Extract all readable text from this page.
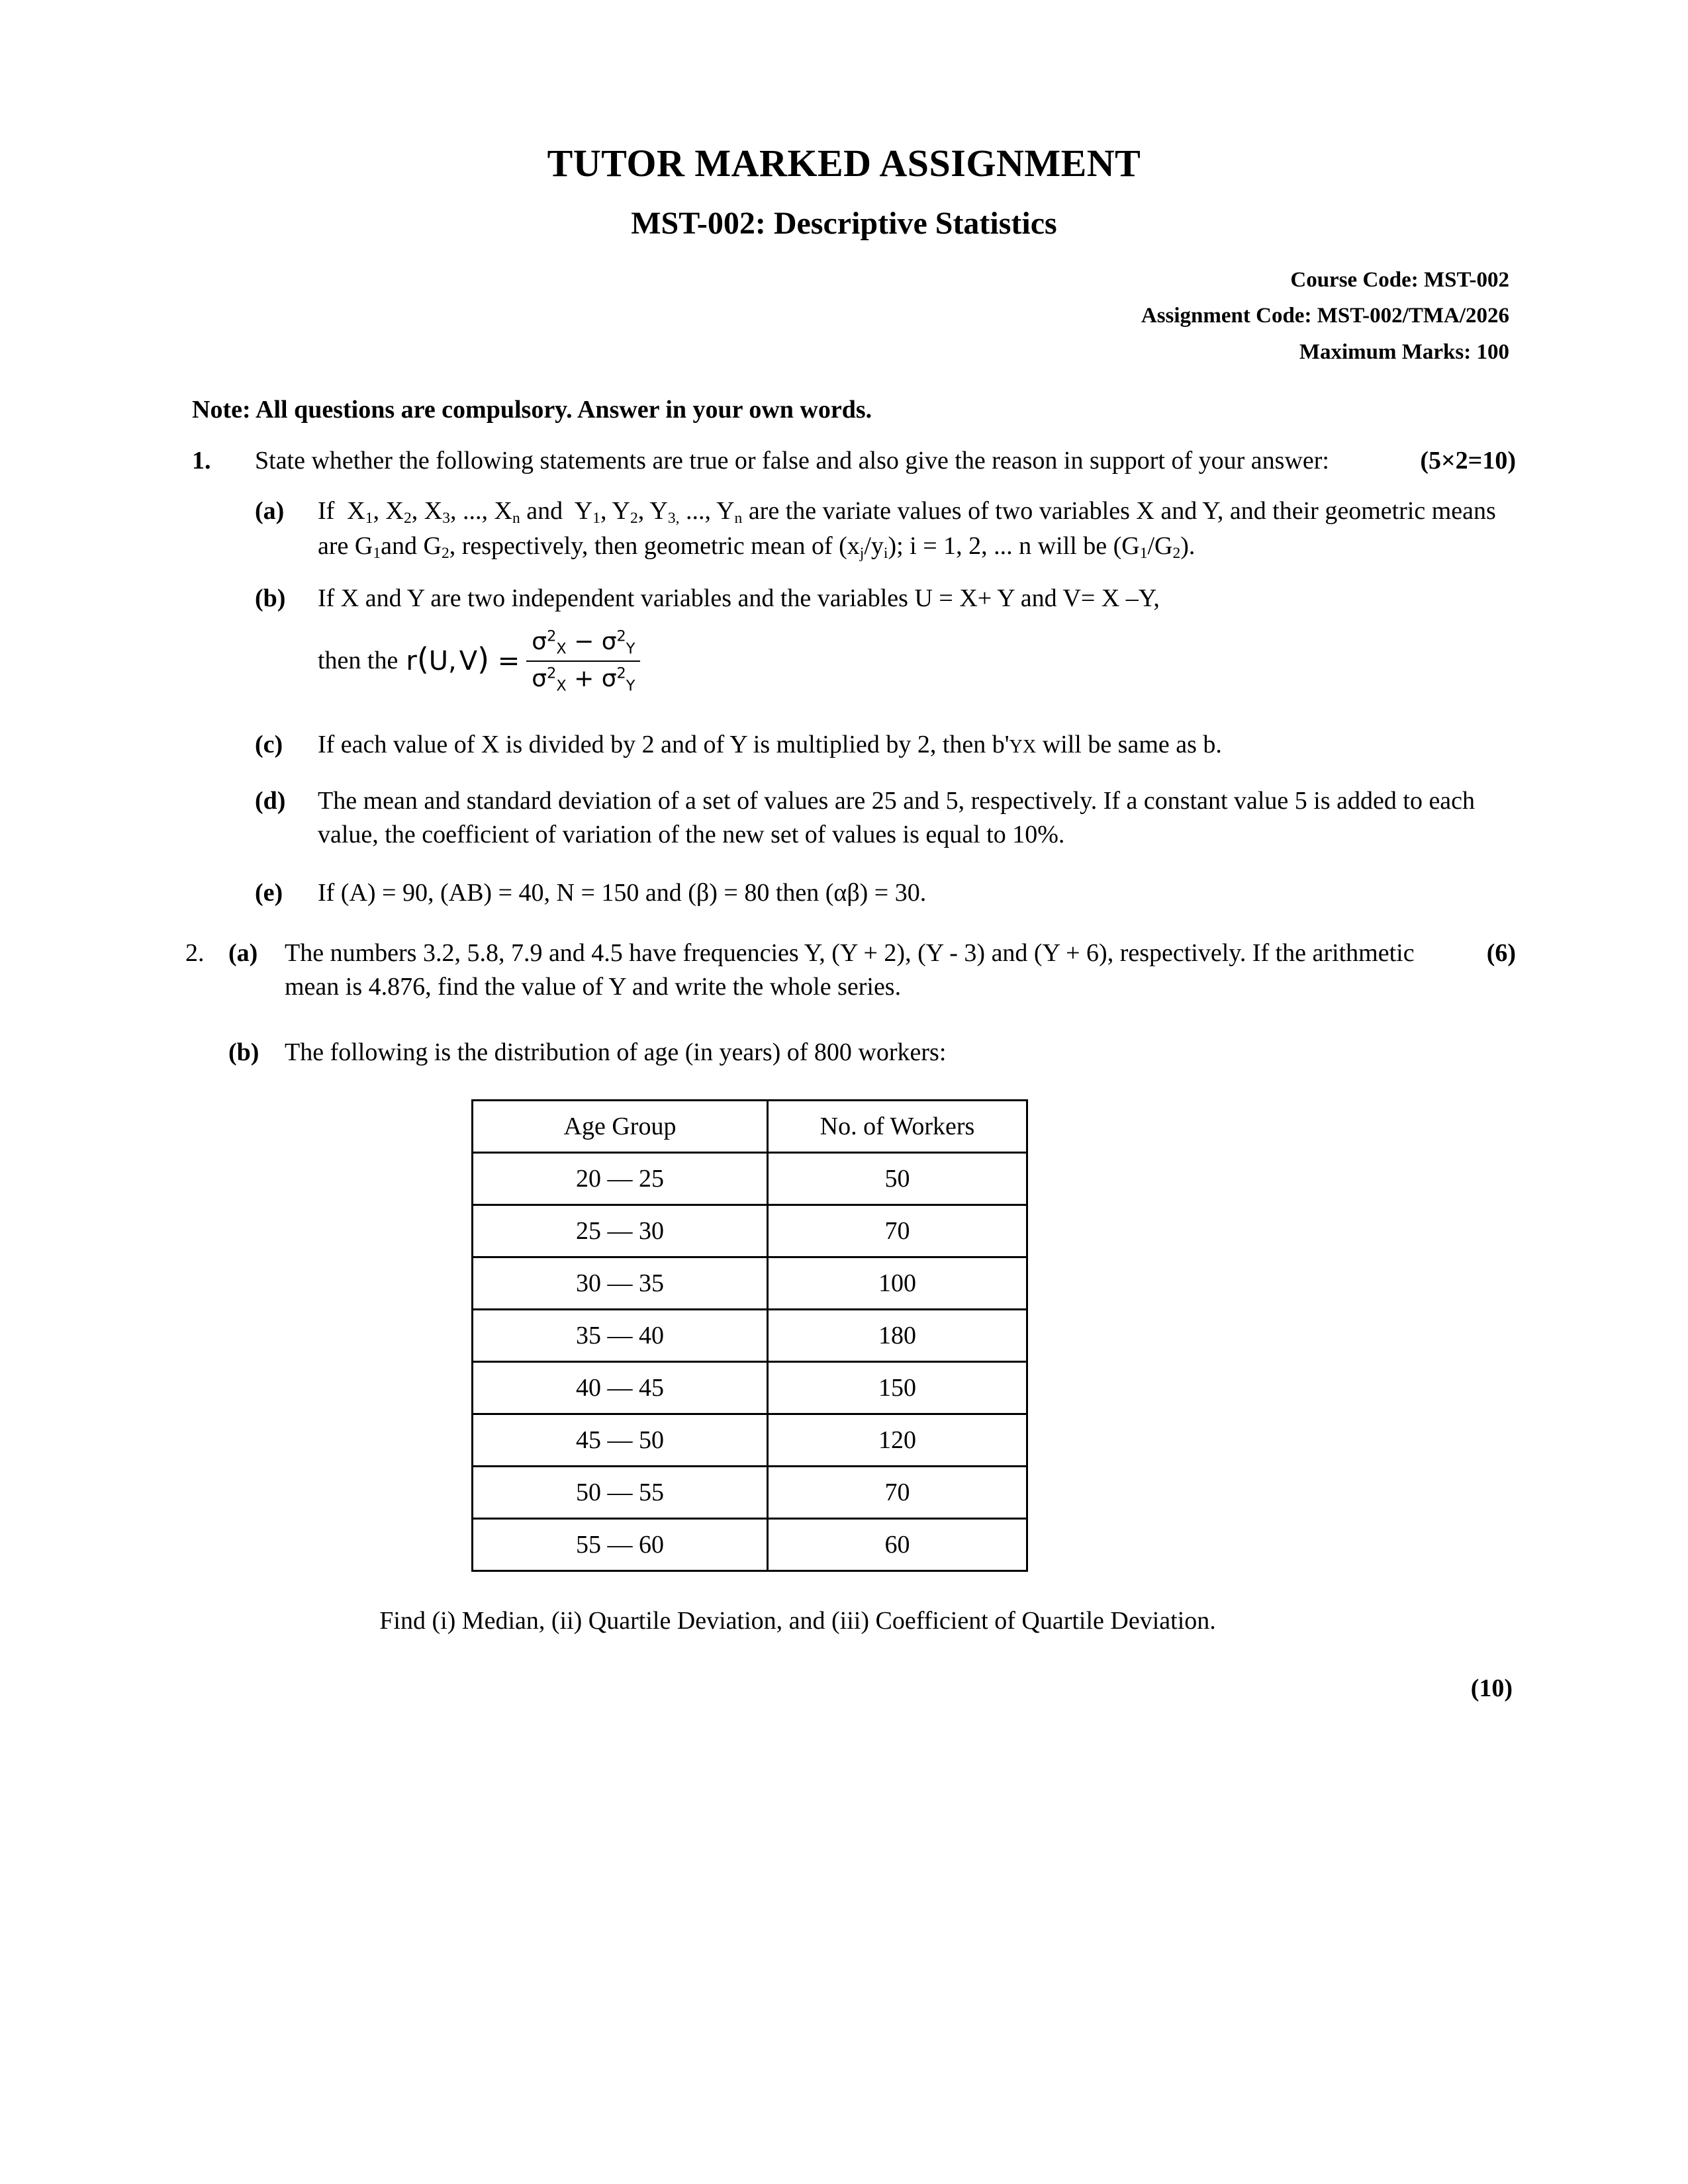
TUTOR MARKED ASSIGNMENT
MST-002: Descriptive Statistics
Course Code: MST-002
Assignment Code: MST-002/TMA/2026
Maximum Marks: 100
Note: All questions are compulsory. Answer in your own words.
1.	(5×2=10)
State whether the following statements are true or false and also give the reason in support of your answer:
(a)	If  $X_1$, $X_2$, $X_3$, ..., $X_n$ and  $Y_1$, $Y_2$, $Y_{3,}$ ..., $Y_n$ are the variate values of two variables X and Y, and their geometric means are $G_1and$ $G_2$, respectively, then geometric mean of $(x_j/y_i)$; i = 1, 2, ... n will be $(G_1/G_2)$.
(b)	If X and Y are two independent variables and the variables U = X+ Y and V= X –Y,
then the r(U, $V) = \frac{\sigma^2X - \sigma^2Y}{\sigma^2X + \sigma^2Y}$
(c)	If each value of X is divided by 2 and of Y is multiplied by 2, then b'YX will be same as b.
(d)	The mean and standard deviation of a set of values are 25 and 5, respectively. If a constant value 5 is added to each value, the coefficient of variation of the new set of values is equal to 10%.
(e)	If (A) = 90, (AB) = 40, N = 150 and (β) = 80 then (αβ) = 30.
2. (a)	(6)
The numbers 3.2, 5.8, 7.9 and 4.5 have frequencies Y, (Y + 2), (Y - 3) and (Y + 6), respectively. If the arithmetic mean is 4.876, find the value of Y and write the whole series.
(b)	The following is the distribution of age (in years) of 800 workers:
Age Group	No. of Workers
20 — 25	50
25 — 30	70
30 — 35	100
35 — 40	180
40 — 45	150
45 — 50	120
50 — 55	70
55 — 60	60
Find (i) Median, (ii) Quartile Deviation, and (iii) Coefficient of Quartile Deviation.
(10)
